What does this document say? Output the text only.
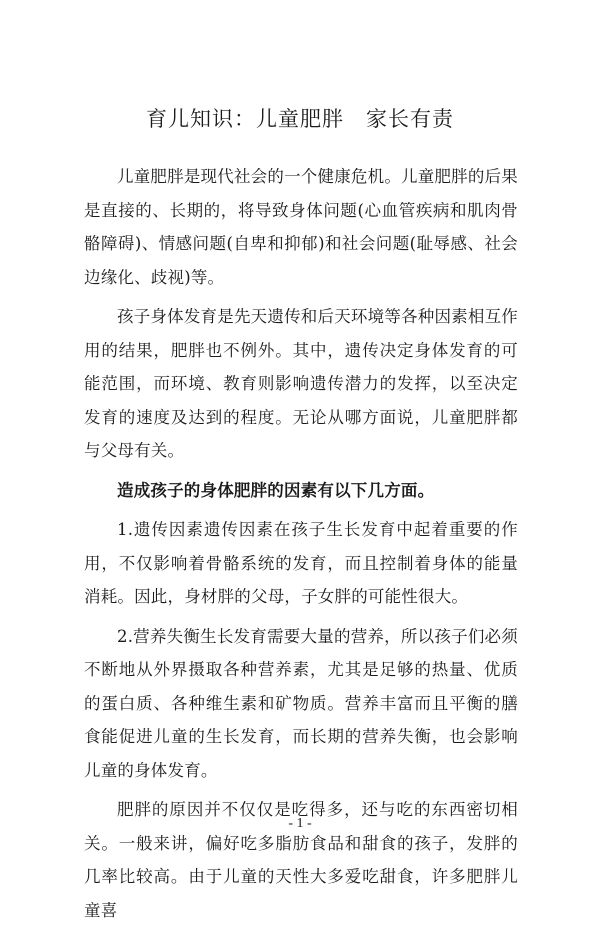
育儿知识：儿童肥胖　家长有责

儿童肥胖是现代社会的一个健康危机。儿童肥胖的后果是直接的、长期的，将导致身体问题(心血管疾病和肌肉骨骼障碍)、情感问题(自卑和抑郁)和社会问题(耻辱感、社会边缘化、歧视)等。

孩子身体发育是先天遗传和后天环境等各种因素相互作用的结果，肥胖也不例外。其中，遗传决定身体发育的可能范围，而环境、教育则影响遗传潜力的发挥，以至决定发育的速度及达到的程度。无论从哪方面说，儿童肥胖都与父母有关。

造成孩子的身体肥胖的因素有以下几方面。

1.遗传因素遗传因素在孩子生长发育中起着重要的作用，不仅影响着骨骼系统的发育，而且控制着身体的能量消耗。因此，身材胖的父母，子女胖的可能性很大。

2.营养失衡生长发育需要大量的营养，所以孩子们必须不断地从外界摄取各种营养素，尤其是足够的热量、优质的蛋白质、各种维生素和矿物质。营养丰富而且平衡的膳食能促进儿童的生长发育，而长期的营养失衡，也会影响儿童的身体发育。

肥胖的原因并不仅仅是吃得多，还与吃的东西密切相关。一般来讲，偏好吃多脂肪食品和甜食的孩子，发胖的几率比较高。由于儿童的天性大多爱吃甜食，许多肥胖儿童喜

- 1 -
